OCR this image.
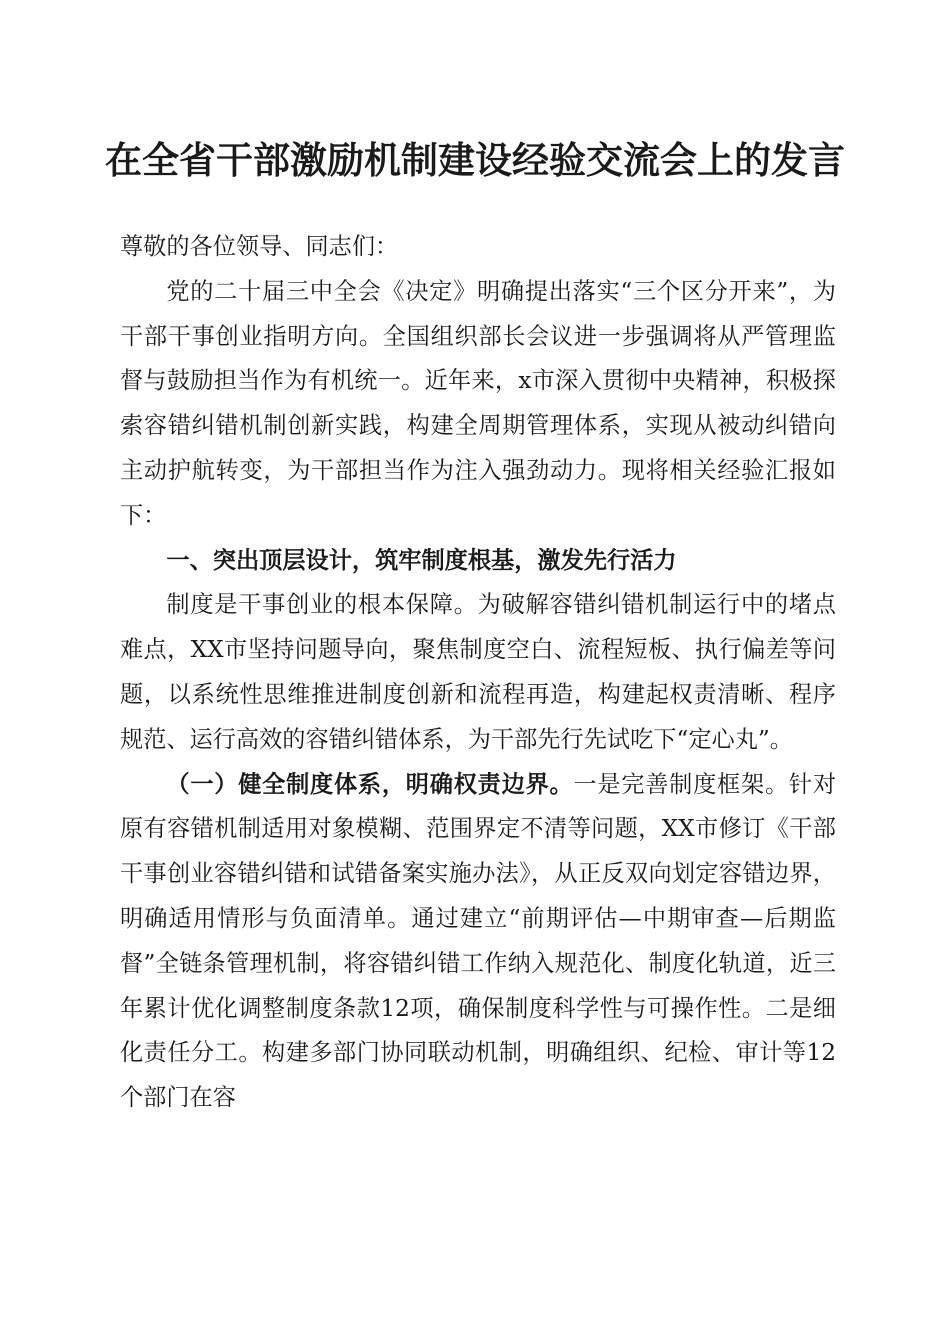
在全省干部激励机制建设经验交流会上的发言

尊敬的各位领导、同志们：

党的二十届三中全会《决定》明确提出落实“三个区分开来”，为干部干事创业指明方向。全国组织部长会议进一步强调将从严管理监督与鼓励担当作为有机统一。近年来，x市深入贯彻中央精神，积极探索容错纠错机制创新实践，构建全周期管理体系，实现从被动纠错向主动护航转变，为干部担当作为注入强劲动力。现将相关经验汇报如下：

一、突出顶层设计，筑牢制度根基，激发先行活力

制度是干事创业的根本保障。为破解容错纠错机制运行中的堵点难点，XX市坚持问题导向，聚焦制度空白、流程短板、执行偏差等问题，以系统性思维推进制度创新和流程再造，构建起权责清晰、程序规范、运行高效的容错纠错体系，为干部先行先试吃下“定心丸”。

（一）健全制度体系，明确权责边界。一是完善制度框架。针对原有容错机制适用对象模糊、范围界定不清等问题，XX市修订《干部干事创业容错纠错和试错备案实施办法》，从正反双向划定容错边界，明确适用情形与负面清单。通过建立“前期评估—中期审查—后期监督”全链条管理机制，将容错纠错工作纳入规范化、制度化轨道，近三年累计优化调整制度条款12项，确保制度科学性与可操作性。二是细化责任分工。构建多部门协同联动机制，明确组织、纪检、审计等12个部门在容
